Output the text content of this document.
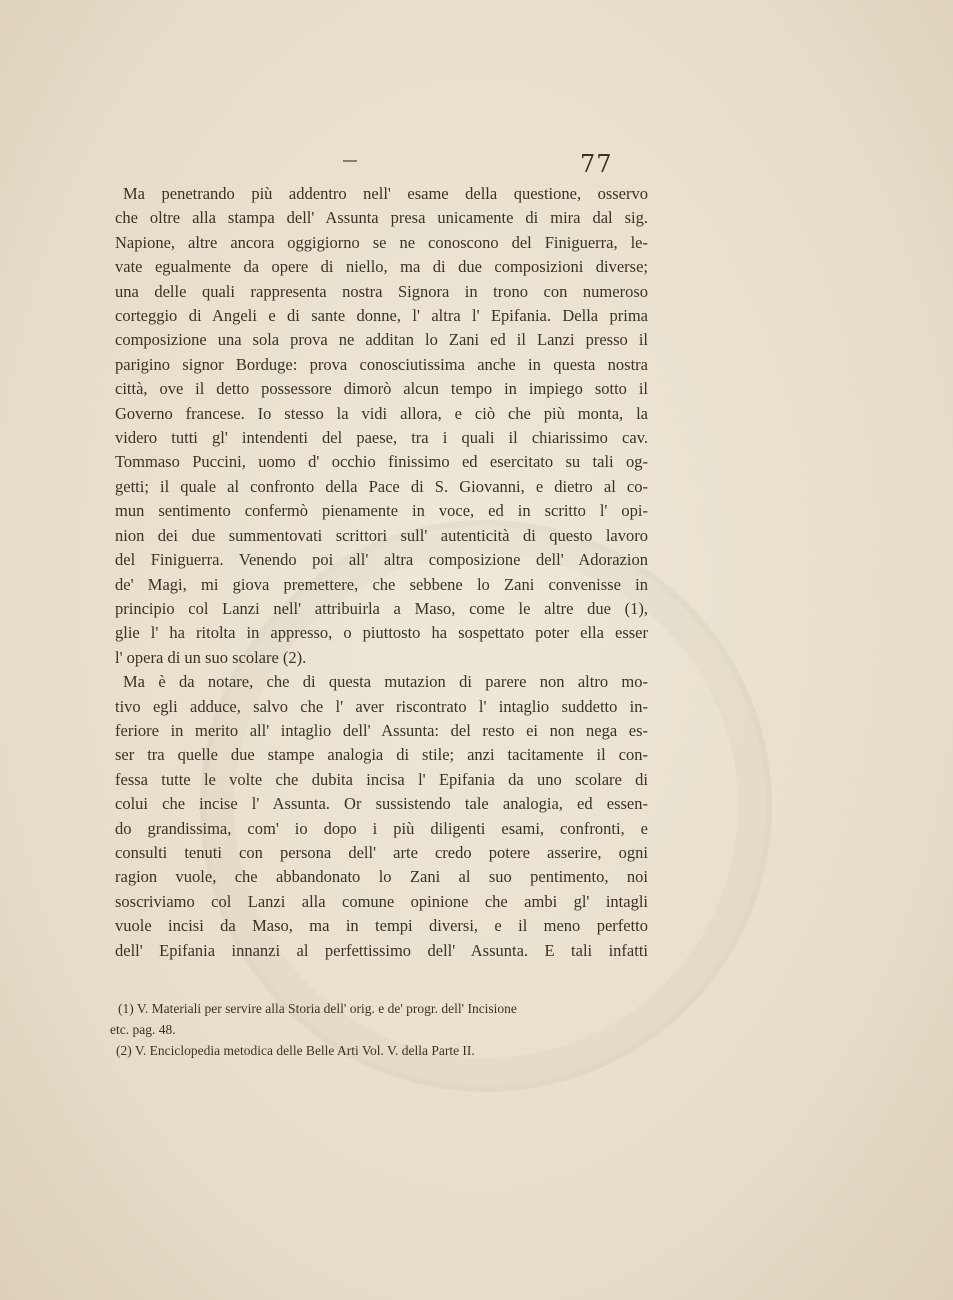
77
Ma penetrando più addentro nell' esame della questione, osservo
che oltre alla stampa dell' Assunta presa unicamente di mira dal sig.
Napione, altre ancora oggigiorno se ne conoscono del Finiguerra, le-
vate egualmente da opere di niello, ma di due composizioni diverse;
una delle quali rappresenta nostra Signora in trono con numeroso
corteggio di Angeli e di sante donne, l' altra l' Epifania. Della prima
composizione una sola prova ne additan lo Zani ed il Lanzi presso il
parigino signor Borduge: prova conosciutissima anche in questa nostra
città, ove il detto possessore dimorò alcun tempo in impiego sotto il
Governo francese. Io stesso la vidi allora, e ciò che più monta, la
videro tutti gl' intendenti del paese, tra i quali il chiarissimo cav.
Tommaso Puccini, uomo d' occhio finissimo ed esercitato su tali og-
getti; il quale al confronto della Pace di S. Giovanni, e dietro al co-
mun sentimento confermò pienamente in voce, ed in scritto l' opi-
nion dei due summentovati scrittori sull' autenticità di questo lavoro
del Finiguerra. Venendo poi all' altra composizione dell' Adorazion
de' Magi, mi giova premettere, che sebbene lo Zani convenisse in
principio col Lanzi nell' attribuirla a Maso, come le altre due (1),
glie l' ha ritolta in appresso, o piuttosto ha sospettato poter ella esser
l' opera di un suo scolare (2).
Ma è da notare, che di questa mutazion di parere non altro mo-
tivo egli adduce, salvo che l' aver riscontrato l' intaglio suddetto in-
feriore in merito all' intaglio dell' Assunta: del resto ei non nega es-
ser tra quelle due stampe analogia di stile; anzi tacitamente il con-
fessa tutte le volte che dubita incisa l' Epifania da uno scolare di
colui che incise l' Assunta. Or sussistendo tale analogia, ed essen-
do grandissima, com' io dopo i più diligenti esami, confronti, e
consulti tenuti con persona dell' arte credo potere asserire, ogni
ragion vuole, che abbandonato lo Zani al suo pentimento, noi
soscriviamo col Lanzi alla comune opinione che ambi gl' intagli
vuole incisi da Maso, ma in tempi diversi, e il meno perfetto
dell' Epifania innanzi al perfettissimo dell' Assunta. E tali infatti
(1) V. Materiali per servire alla Storia dell' orig. e de' progr. dell' Incisione
etc. pag. 48.
(2) V. Enciclopedia metodica delle Belle Arti Vol. V. della Parte II.
